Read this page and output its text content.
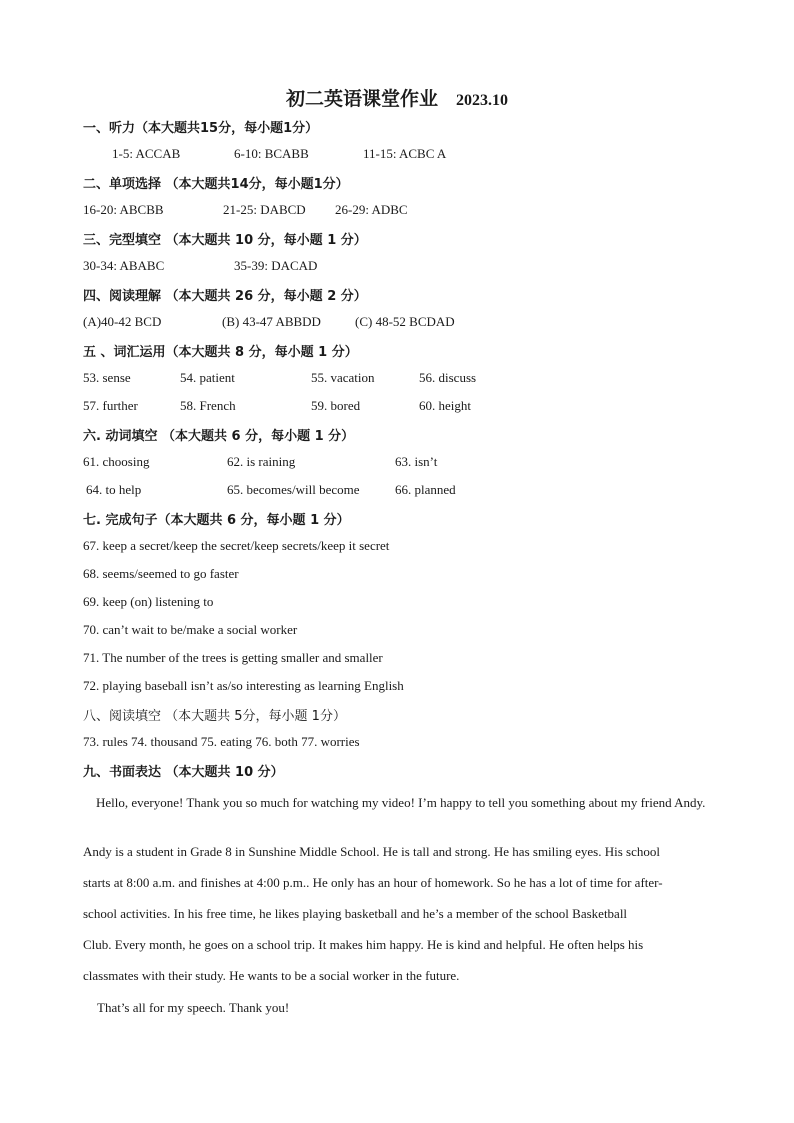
初二英语课堂作业 2023.10
一、听力（本大题共15分，每小题1分）
1-5: ACCAB	6-10: BCABB	11-15: ACBC A
二、单项选择 （本大题共14分，每小题1分）
16-20: ABCBB	21-25: DABCD 26-29: ADBC
三、完型填空 （本大题共 10 分，每小题 1 分）
30-34: ABABC	35-39: DACAD
四、阅读理解 （本大题共 26 分，每小题 2 分）
(A)40-42 BCD	(B) 43-47 ABBDD	(C) 48-52 BCDAD
五 、词汇运用（本大题共 8 分，每小题 1 分）
53. sense	54. patient	55. vacation	56. discuss
57. further	58. French	59. bored	60. height
六. 动词填空 （本大题共 6 分，每小题 1 分）
61. choosing	62. is raining	63. isn’t
64. to help	65. becomes/will become	66. planned
七. 完成句子（本大题共 6 分，每小题 1 分）
67. keep a secret/keep the secret/keep secrets/keep it secret
68. seems/seemed to go faster
69. keep (on) listening to
70. can’t wait to be/make a social worker
71. The number of the trees is getting smaller and smaller
72. playing baseball isn’t as/so interesting as learning English
八、阅读填空 （本大题共 5分，每小题 1分）
73. rules 74. thousand 75. eating 76. both 77. worries
九、书面表达 （本大题共 10 分）
Hello, everyone! Thank you so much for watching my video! I’m happy to tell you something about my friend Andy.
Andy is a student in Grade 8 in Sunshine Middle School. He is tall and strong. He has smiling eyes. His school
starts at 8:00 a.m. and finishes at 4:00 p.m.. He only has an hour of homework. So he has a lot of time for after-
school activities. In his free time, he likes playing basketball and he’s a member of the school Basketball
Club. Every month, he goes on a school trip. It makes him happy. He is kind and helpful. He often helps his
classmates with their study. He wants to be a social worker in the future.
That’s all for my speech. Thank you!
